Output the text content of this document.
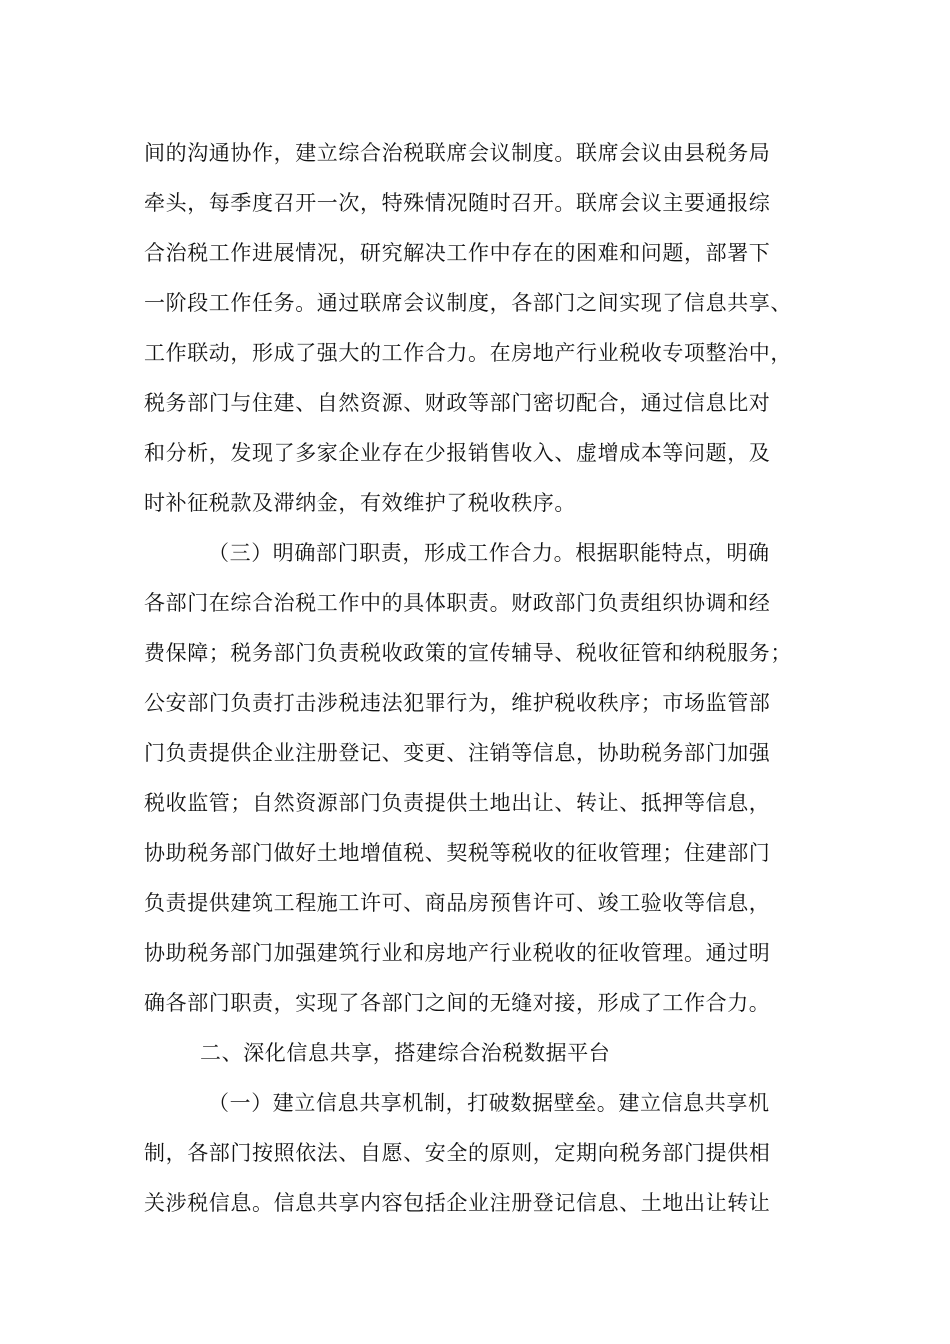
间的沟通协作，建立综合治税联席会议制度。联席会议由县税务局
牵头，每季度召开一次，特殊情况随时召开。联席会议主要通报综
合治税工作进展情况，研究解决工作中存在的困难和问题，部署下
一阶段工作任务。通过联席会议制度，各部门之间实现了信息共享、
工作联动，形成了强大的工作合力。在房地产行业税收专项整治中，
税务部门与住建、自然资源、财政等部门密切配合，通过信息比对
和分析，发现了多家企业存在少报销售收入、虚增成本等问题，及
时补征税款及滞纳金，有效维护了税收秩序。
（三）明确部门职责，形成工作合力。根据职能特点，明确
各部门在综合治税工作中的具体职责。财政部门负责组织协调和经
费保障；税务部门负责税收政策的宣传辅导、税收征管和纳税服务；
公安部门负责打击涉税违法犯罪行为，维护税收秩序；市场监管部
门负责提供企业注册登记、变更、注销等信息，协助税务部门加强
税收监管；自然资源部门负责提供土地出让、转让、抵押等信息，
协助税务部门做好土地增值税、契税等税收的征收管理；住建部门
负责提供建筑工程施工许可、商品房预售许可、竣工验收等信息，
协助税务部门加强建筑行业和房地产行业税收的征收管理。通过明
确各部门职责，实现了各部门之间的无缝对接，形成了工作合力。
二、深化信息共享，搭建综合治税数据平台
（一）建立信息共享机制，打破数据壁垒。建立信息共享机
制，各部门按照依法、自愿、安全的原则，定期向税务部门提供相
关涉税信息。信息共享内容包括企业注册登记信息、土地出让转让
